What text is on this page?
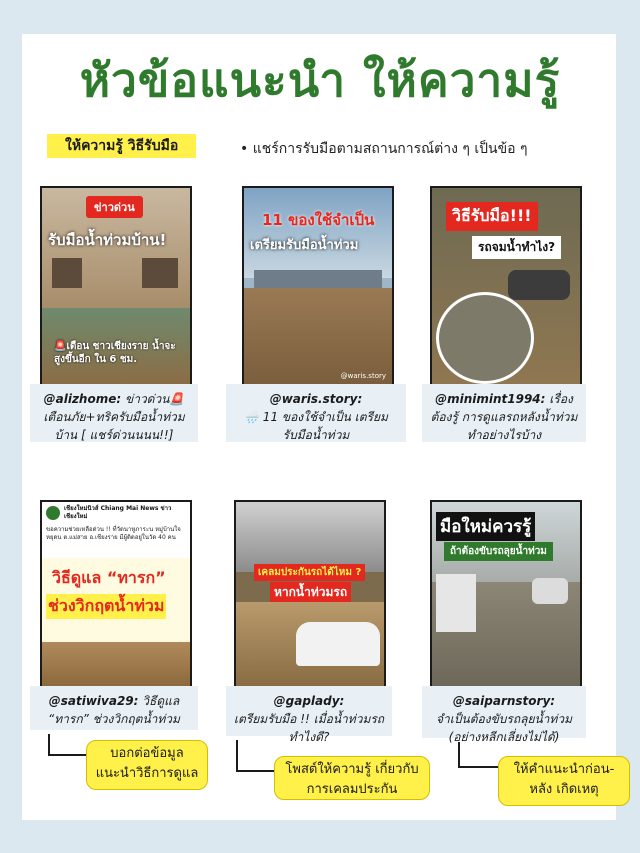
หัวข้อแนะนำ ให้ความรู้
ให้ความรู้ วิธีรับมือ	• แชร์การรับมือตามสถานการณ์ต่าง ๆ เป็นข้อ ๆ
ข่าวด่วน
รับมือน้ำท่วมบ้าน!
🚨เตือน ชาวเชียงราย น้ำจะสูงขึ้นอีก ใน 6 ชม.
@alizhome: ข่าวด่วน🚨 เตือนภัย+ทริครับมือน้ำท่วมบ้าน [ แชร์ด่วนนนน!!]
11 ของใช้จำเป็น
เตรียมรับมือน้ำท่วม
@waris.story
@waris.story:
🌧️ 11 ของใช้จำเป็น เตรียมรับมือน้ำท่วม
วิธีรับมือ!!!
รถจมน้ำทำไง?
@minimint1994: เรื่องต้องรู้ การดูแลรถหลังน้ำท่วม ทำอย่างไรบ้าง
เชียงใหม่นิวส์ Chiang Mai News ข่าว เชียงใหม่
ขอความช่วยเหลือด่วน !! ที่วัดนาหูภาระน หมู่บ้านใจหยุดน ต.แม่สาย อ.เชียงราย มีผู้ติดอยู่ในวัด 40 คน
วิธีดูแล “ทารก”
ช่วงวิกฤตน้ำท่วม
@satiwiva29: วิธีดูแล “ทารก” ช่วงวิกฤตน้ำท่วม
บอกต่อข้อมูล แนะนำวิธีการดูแล
เคลมประกันรถได้ไหม ?
หากน้ำท่วมรถ
@gaplady:
เตรียมรับมือ !! เมื่อน้ำท่วมรถทำไงดี?
โพสต์ให้ความรู้ เกี่ยวกับการเคลมประกัน
มือใหม่ควรรู้
ถ้าต้องขับรถลุยน้ำท่วม
@saiparnstory:
จำเป็นต้องขับรถลุยน้ำท่วม (อย่างหลีกเลี่ยงไม่ได้)
ให้คำแนะนำก่อน-หลัง เกิดเหตุ
